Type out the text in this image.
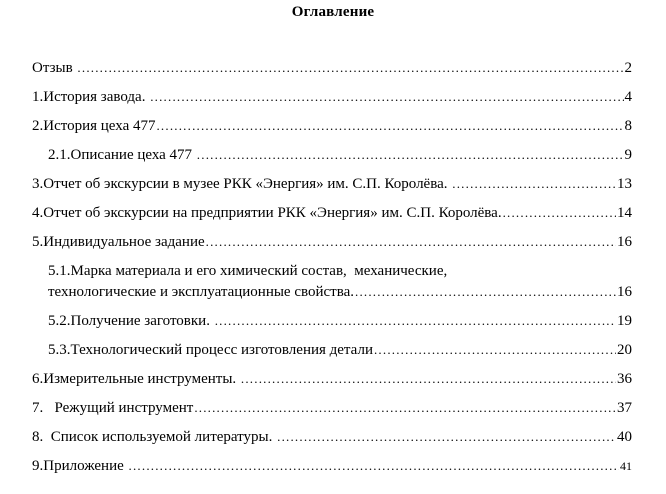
Оглавление
Отзыв .....	2
1.История завода. .....	4
2.История цеха 477 .....	8
2.1.Описание цеха 477 .....	9
3.Отчет об экскурсии в музее РКК «Энергия» им. С.П. Королёва. .....	13
4.Отчет об экскурсии на предприятии РКК «Энергия» им. С.П. Королёва. .....	14
5.Индивидуальное задание .....	16
5.1.Марка материала и его химический состав,  механические,
технологические и эксплуатационные свойства. .....	16
5.2.Получение заготовки. .....	19
5.3.Технологический процесс изготовления детали .....	20
6.Измерительные инструменты. .....	36
7.   Режущий инструмент .....	37
8.  Список используемой литературы. .....	40
9.Приложение .....	41
